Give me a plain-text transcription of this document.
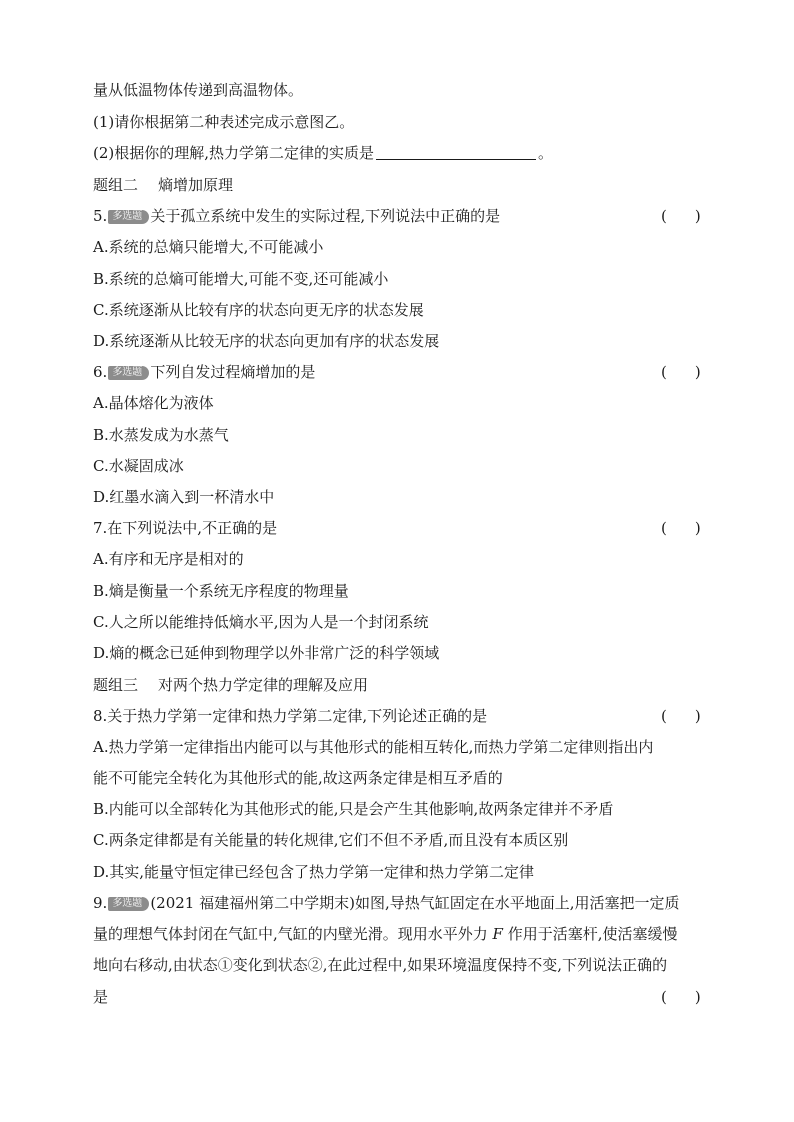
量从低温物体传递到高温物体。
(1)请你根据第二种表述完成示意图乙。
(2)根据你的理解,热力学第二定律的实质是	。
题组二 熵增加原理
5. 多选题 关于孤立系统中发生的实际过程,下列说法中正确的是	( )
A.系统的总熵只能增大,不可能减小
B.系统的总熵可能增大,可能不变,还可能减小
C.系统逐渐从比较有序的状态向更无序的状态发展
D.系统逐渐从比较无序的状态向更加有序的状态发展
6. 多选题 下列自发过程熵增加的是	( )
A.晶体熔化为液体
B.水蒸发成为水蒸气
C.水凝固成冰
D.红墨水滴入到一杯清水中
7.在下列说法中,不正确的是	( )
A.有序和无序是相对的
B.熵是衡量一个系统无序程度的物理量
C.人之所以能维持低熵水平,因为人是一个封闭系统
D.熵的概念已延伸到物理学以外非常广泛的科学领域
题组三 对两个热力学定律的理解及应用
8.关于热力学第一定律和热力学第二定律,下列论述正确的是	( )
A.热力学第一定律指出内能可以与其他形式的能相互转化,而热力学第二定律则指出内
能不可能完全转化为其他形式的能,故这两条定律是相互矛盾的
B.内能可以全部转化为其他形式的能,只是会产生其他影响,故两条定律并不矛盾
C.两条定律都是有关能量的转化规律,它们不但不矛盾,而且没有本质区别
D.其实,能量守恒定律已经包含了热力学第一定律和热力学第二定律
9. 多选题 (2021 福建福州第二中学期末)如图,导热气缸固定在水平地面上,用活塞把一定质
量的理想气体封闭在气缸中,气缸的内壁光滑。现用水平外力 F 作用于活塞杆,使活塞缓慢
地向右移动,由状态①变化到状态②,在此过程中,如果环境温度保持不变,下列说法正确的
是	( )
